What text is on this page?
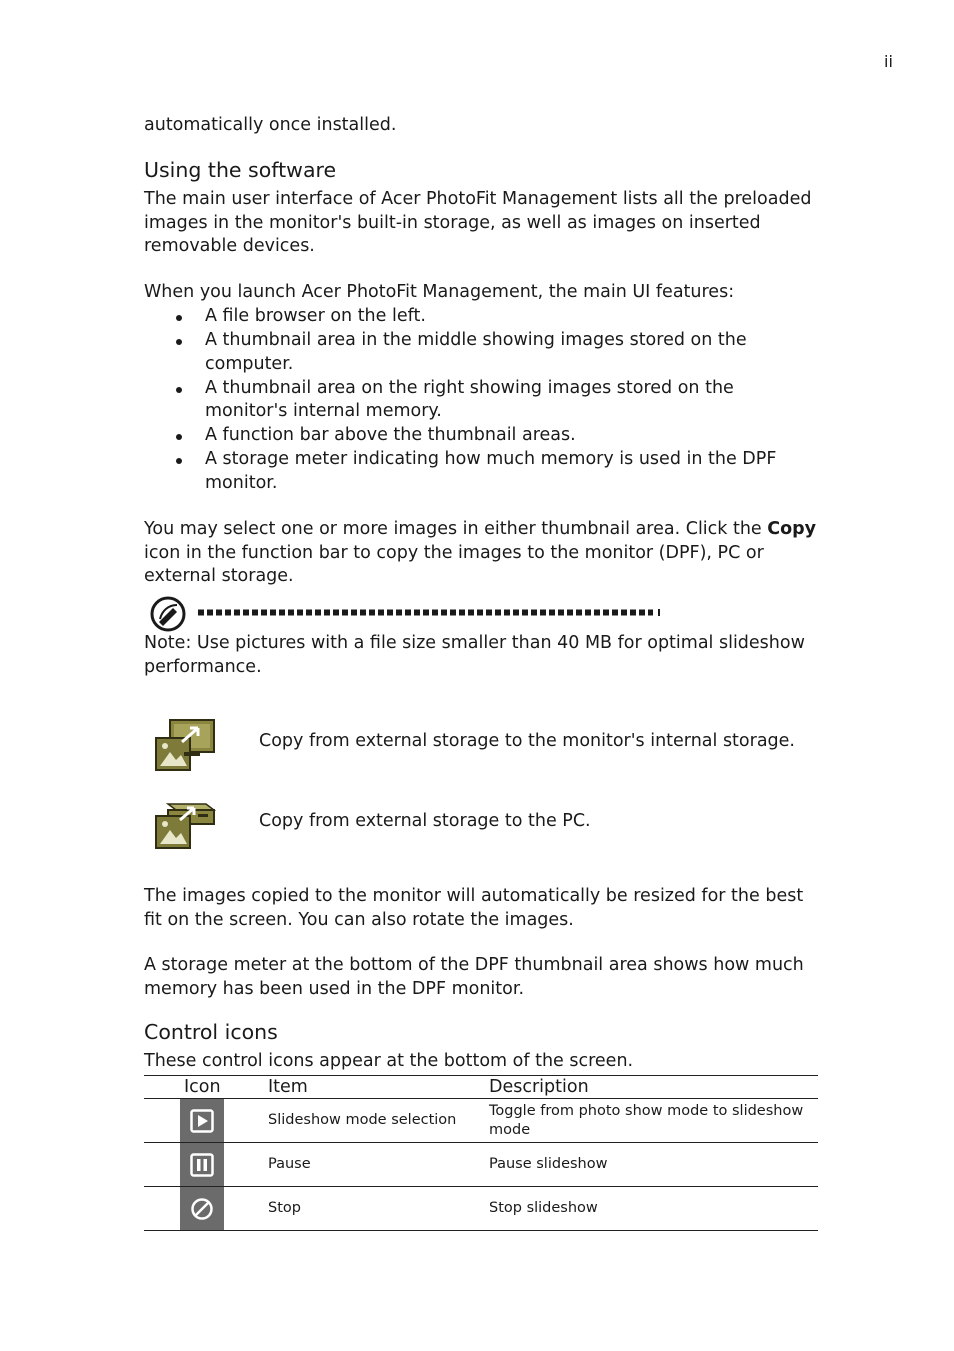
ii
automatically once installed.
Using the software
The main user interface of Acer PhotoFit Management lists all the preloaded images in the monitor's built-in storage, as well as images on inserted removable devices.
When you launch Acer PhotoFit Management, the main UI features:
A file browser on the left.
A thumbnail area in the middle showing images stored on the computer.
A thumbnail area on the right showing images stored on the monitor's internal memory.
A function bar above the thumbnail areas.
A storage meter indicating how much memory is used in the DPF monitor.
You may select one or more images in either thumbnail area. Click the Copy icon in the function bar to copy the images to the monitor (DPF), PC or external storage.
Note: Use pictures with a file size smaller than 40 MB for optimal slideshow performance.
Copy from external storage to the monitor's internal storage.
Copy from external storage to the PC.
The images copied to the monitor will automatically be resized for the best fit on the screen. You can also rotate the images.
A storage meter at the bottom of the DPF thumbnail area shows how much memory has been used in the DPF monitor.
Control icons
These control icons appear at the bottom of the screen.
Icon	Item	Description

	Slideshow mode selection	Toggle from photo show mode to slideshow mode

	Pause	Pause slideshow

	Stop	Stop slideshow
